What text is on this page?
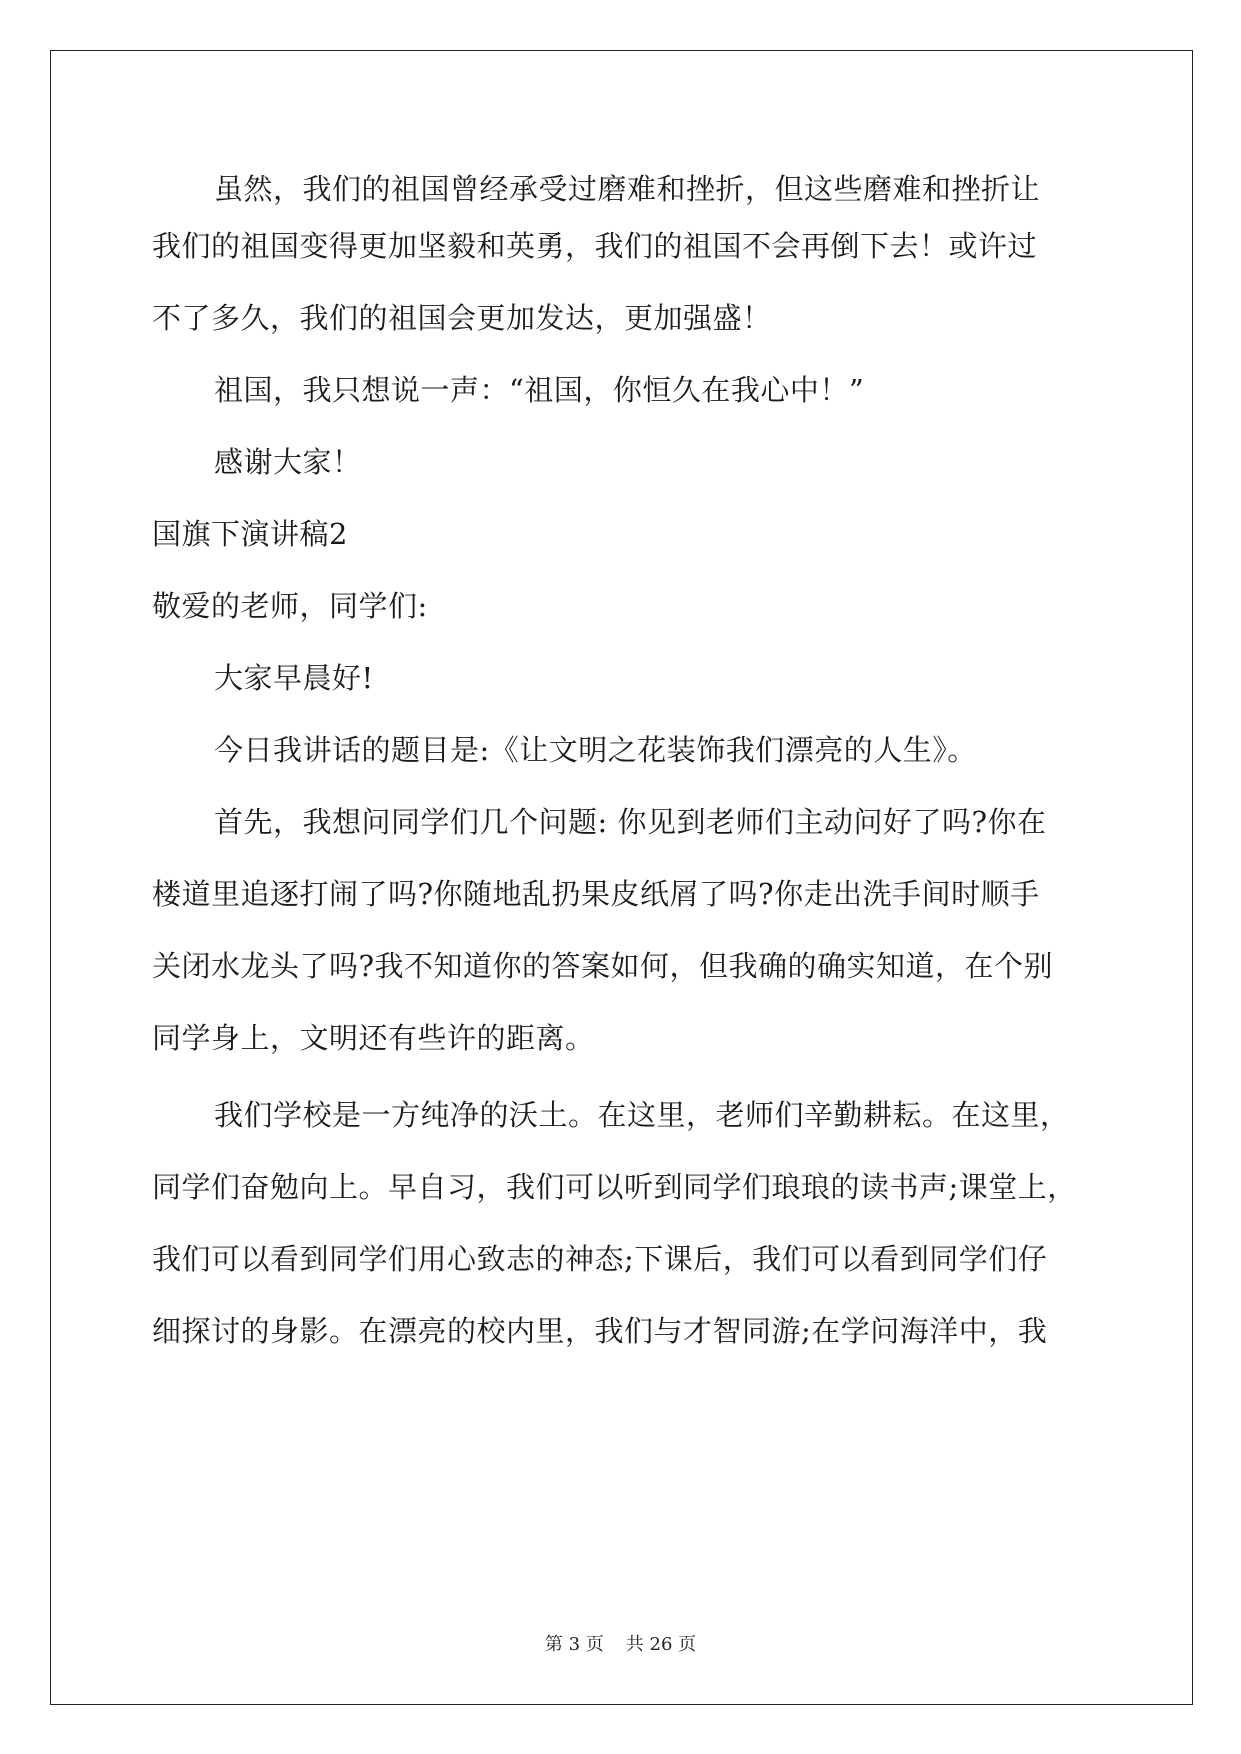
虽然，我们的祖国曾经承受过磨难和挫折，但这些磨难和挫折让
我们的祖国变得更加坚毅和英勇，我们的祖国不会再倒下去！或许过
不了多久，我们的祖国会更加发达，更加强盛！
祖国，我只想说一声：“祖国，你恒久在我心中！”
感谢大家！
国旗下演讲稿2
敬爱的老师，同学们:
大家早晨好!
今日我讲话的题目是:《让文明之花装饰我们漂亮的人生》。
首先，我想问同学们几个问题: 你见到老师们主动问好了吗?你在
楼道里追逐打闹了吗?你随地乱扔果皮纸屑了吗?你走出洗手间时顺手
关闭水龙头了吗?我不知道你的答案如何，但我确的确实知道，在个别
同学身上，文明还有些许的距离。
我们学校是一方纯净的沃土。在这里，老师们辛勤耕耘。在这里，
同学们奋勉向上。早自习，我们可以听到同学们琅琅的读书声;课堂上，
我们可以看到同学们用心致志的神态;下课后，我们可以看到同学们仔
细探讨的身影。在漂亮的校内里，我们与才智同游;在学问海洋中，我
第 3 页 共 26 页
